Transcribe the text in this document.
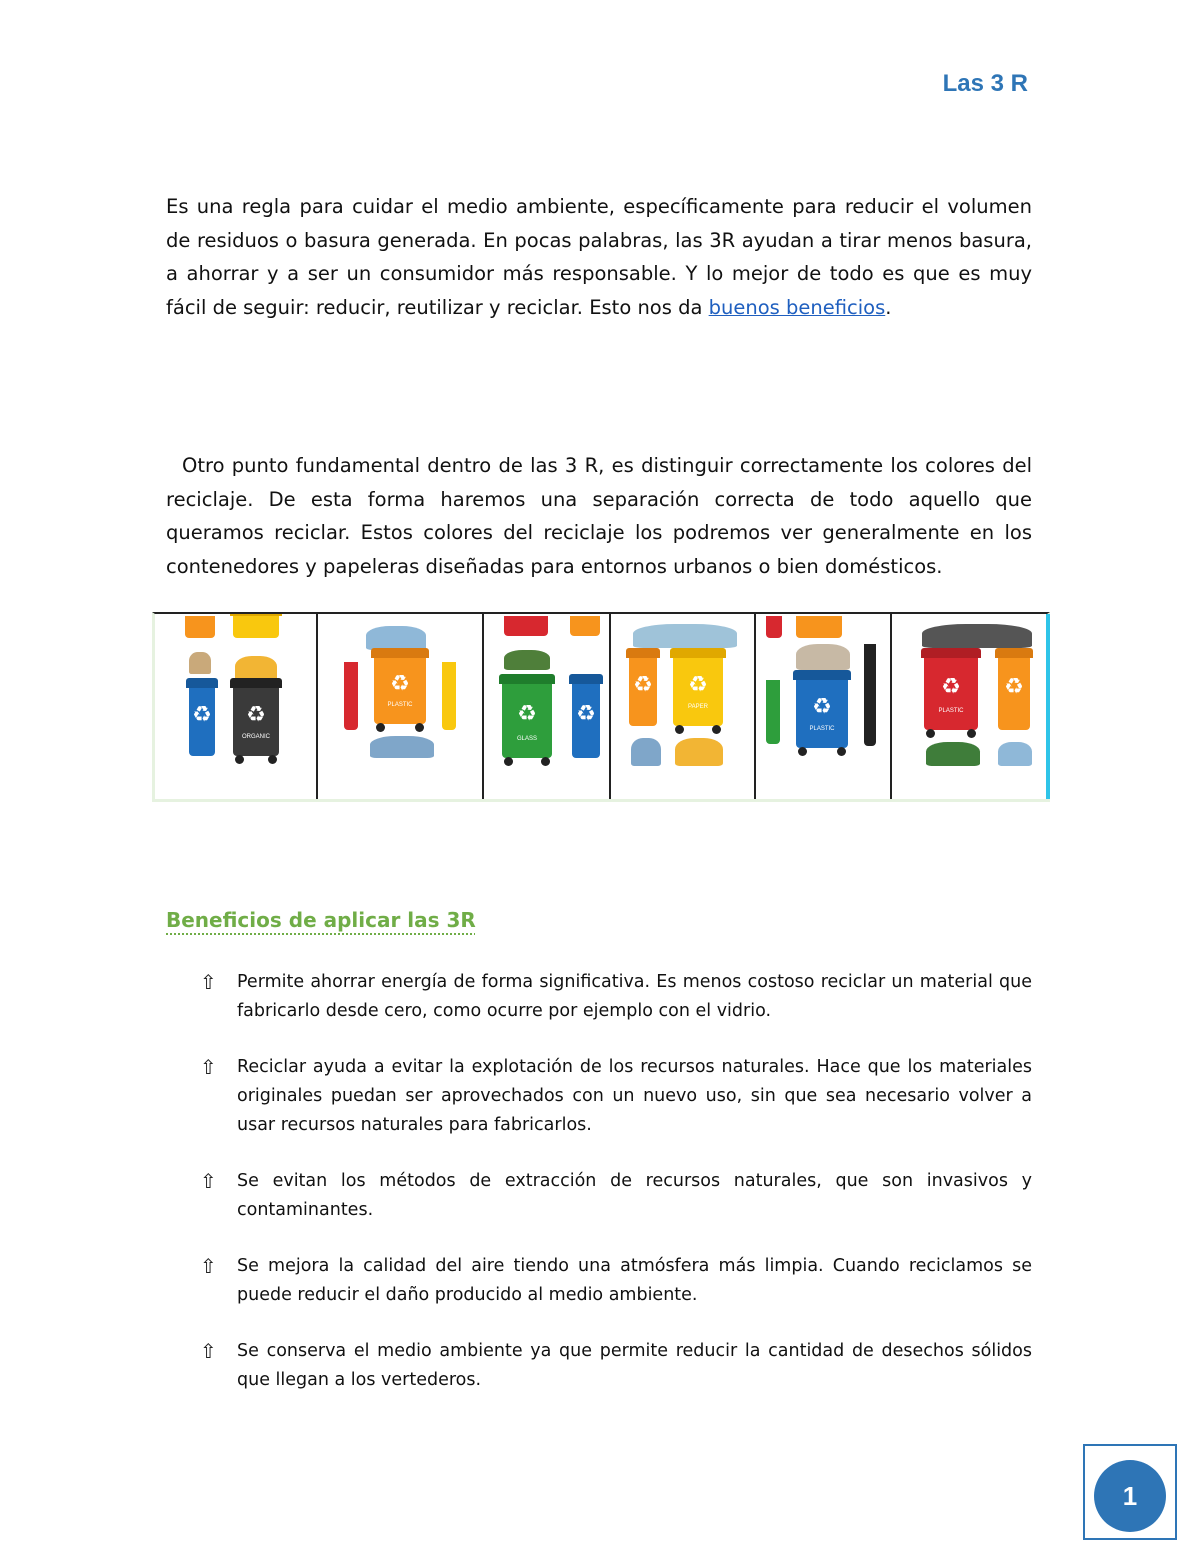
Las 3 R

Es una regla para cuidar el medio ambiente, específicamente para reducir el volumen de residuos o basura generada. En pocas palabras, las 3R ayudan a tirar menos basura, a ahorrar y a ser un consumidor más responsable. Y lo mejor de todo es que es muy fácil de seguir: reducir, reutilizar y reciclar. Esto nos da buenos beneficios.

Otro punto fundamental dentro de las 3 R, es distinguir correctamente los colores del reciclaje. De esta forma haremos una separación correcta de todo aquello que queramos reciclar. Estos colores del reciclaje los podremos ver generalmente en los contenedores y papeleras diseñadas para entornos urbanos o bien domésticos.

♻ ♻
ORGANIC
♻
PLASTIC	♻
GLASS
♻
♻ ♻
PAPER	♻
PLASTIC
♻
PLASTIC
♻
Beneficios de aplicar las 3R
⇧ Permite ahorrar energía de forma significativa. Es menos costoso reciclar un material que fabricarlo desde cero, como ocurre por ejemplo con el vidrio.
⇧ Reciclar ayuda a evitar la explotación de los recursos naturales. Hace que los materiales originales puedan ser aprovechados con un nuevo uso, sin que sea necesario volver a usar recursos naturales para fabricarlos.
⇧ Se evitan los métodos de extracción de recursos naturales, que son invasivos y contaminantes.
⇧ Se mejora la calidad del aire tiendo una atmósfera más limpia. Cuando reciclamos se puede reducir el daño producido al medio ambiente.
⇧ Se conserva el medio ambiente ya que permite reducir la cantidad de desechos sólidos que llegan a los vertederos.
1
